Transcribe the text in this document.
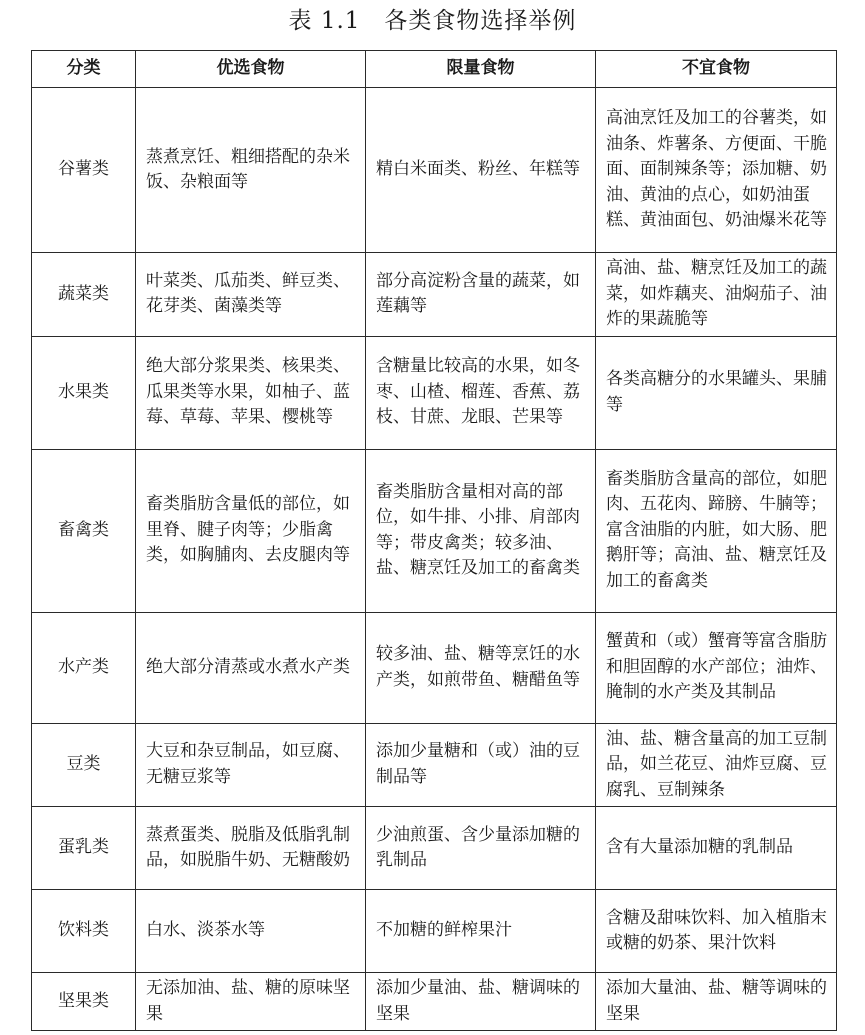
表 1.1　各类食物选择举例
分类	优选食物	限量食物	不宜食物
谷薯类	蒸煮烹饪、粗细搭配的杂米饭、杂粮面等	精白米面类、粉丝、年糕等	高油烹饪及加工的谷薯类，如油条、炸薯条、方便面、干脆面、面制辣条等；添加糖、奶油、黄油的点心，如奶油蛋糕、黄油面包、奶油爆米花等
蔬菜类	叶菜类、瓜茄类、鲜豆类、花芽类、菌藻类等	部分高淀粉含量的蔬菜，如莲藕等	高油、盐、糖烹饪及加工的蔬菜，如炸藕夹、油焖茄子、油炸的果蔬脆等
水果类	绝大部分浆果类、核果类、瓜果类等水果，如柚子、蓝莓、草莓、苹果、樱桃等	含糖量比较高的水果，如冬枣、山楂、榴莲、香蕉、荔枝、甘蔗、龙眼、芒果等	各类高糖分的水果罐头、果脯等
畜禽类	畜类脂肪含量低的部位，如里脊、腱子肉等；少脂禽类，如胸脯肉、去皮腿肉等	畜类脂肪含量相对高的部位，如牛排、小排、肩部肉等；带皮禽类；较多油、盐、糖烹饪及加工的畜禽类	畜类脂肪含量高的部位，如肥肉、五花肉、蹄膀、牛腩等；富含油脂的内脏，如大肠、肥鹅肝等；高油、盐、糖烹饪及加工的畜禽类
水产类	绝大部分清蒸或水煮水产类	较多油、盐、糖等烹饪的水产类，如煎带鱼、糖醋鱼等	蟹黄和（或）蟹膏等富含脂肪和胆固醇的水产部位；油炸、腌制的水产类及其制品
豆类	大豆和杂豆制品，如豆腐、无糖豆浆等	添加少量糖和（或）油的豆制品等	油、盐、糖含量高的加工豆制品，如兰花豆、油炸豆腐、豆腐乳、豆制辣条
蛋乳类	蒸煮蛋类、脱脂及低脂乳制品，如脱脂牛奶、无糖酸奶	少油煎蛋、含少量添加糖的乳制品	含有大量添加糖的乳制品
饮料类	白水、淡茶水等	不加糖的鲜榨果汁	含糖及甜味饮料、加入植脂末或糖的奶茶、果汁饮料
坚果类	无添加油、盐、糖的原味坚果	添加少量油、盐、糖调味的坚果	添加大量油、盐、糖等调味的坚果
